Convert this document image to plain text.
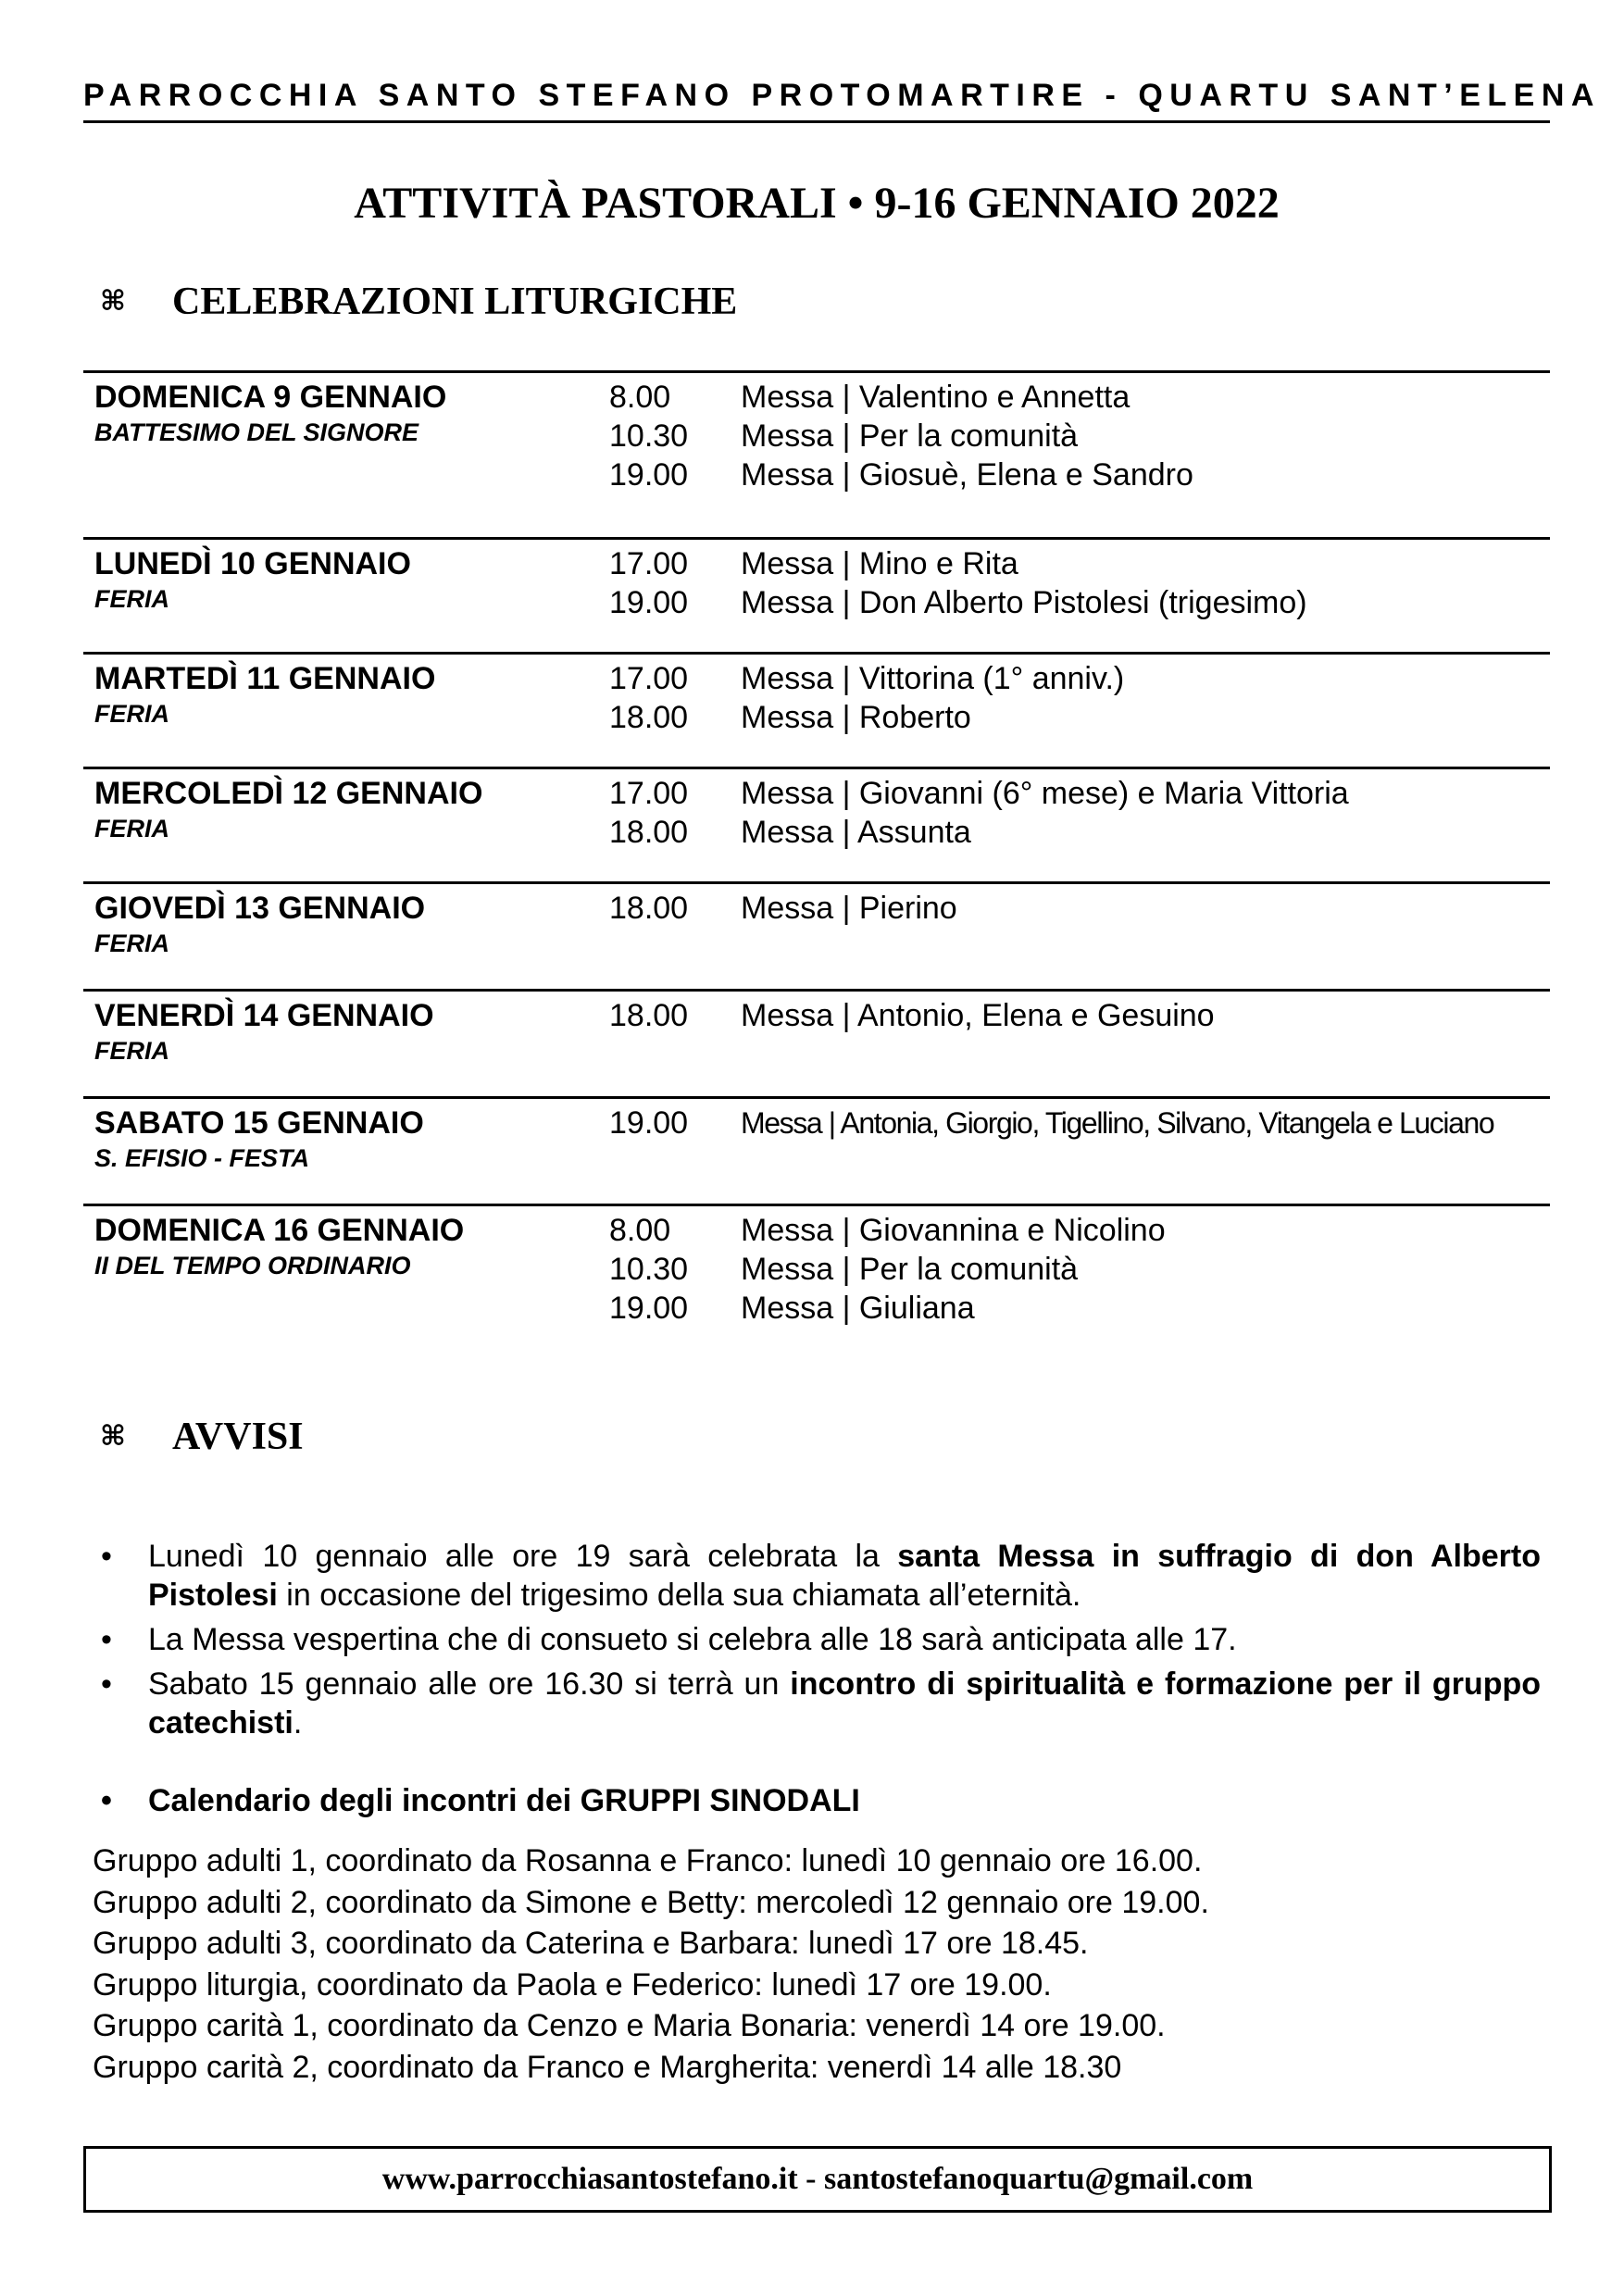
PARROCCHIA SANTO STEFANO PROTOMARTIRE - QUARTU SANT’ELENA
ATTIVITÀ PASTORALI • 9-16 GENNAIO 2022
⌘ CELEBRAZIONI LITURGICHE
DOMENICA 9 GENNAIO
BATTESIMO DEL SIGNORE
8.00	Messa | Valentino e Annetta
10.30	Messa | Per la comunità
19.00	Messa | Giosuè, Elena e Sandro
LUNEDÌ 10 GENNAIO
FERIA
17.00	Messa | Mino e Rita
19.00	Messa | Don Alberto Pistolesi (trigesimo)
MARTEDÌ 11 GENNAIO
FERIA
17.00	Messa | Vittorina (1° anniv.)
18.00	Messa | Roberto
MERCOLEDÌ 12 GENNAIO
FERIA
17.00	Messa | Giovanni (6° mese) e Maria Vittoria
18.00	Messa | Assunta
GIOVEDÌ 13 GENNAIO
FERIA
18.00	Messa | Pierino
VENERDÌ 14 GENNAIO
FERIA
18.00	Messa | Antonio, Elena e Gesuino
SABATO 15 GENNAIO
S. EFISIO - FESTA
19.00	Messa | Antonia, Giorgio, Tigellino, Silvano, Vitangela e Luciano
DOMENICA 16 GENNAIO
II DEL TEMPO ORDINARIO
8.00	Messa | Giovannina e Nicolino
10.30	Messa | Per la comunità
19.00	Messa | Giuliana
⌘ AVVISI
• Lunedì 10 gennaio alle ore 19 sarà celebrata la santa Messa in suffragio di don Alberto Pistolesi in occasione del trigesimo della sua chiamata all’eternità.
• La Messa vespertina che di consueto si celebra alle 18 sarà anticipata alle 17.
• Sabato 15 gennaio alle ore 16.30 si terrà un incontro di spiritualità e formazione per il gruppo catechisti.
• Calendario degli incontri dei GRUPPI SINODALI
Gruppo adulti 1, coordinato da Rosanna e Franco: lunedì 10 gennaio ore 16.00.
Gruppo adulti 2, coordinato da Simone e Betty: mercoledì 12 gennaio ore 19.00.
Gruppo adulti 3, coordinato da Caterina e Barbara: lunedì 17 ore 18.45.
Gruppo liturgia, coordinato da Paola e Federico: lunedì 17 ore 19.00.
Gruppo carità 1, coordinato da Cenzo e Maria Bonaria: venerdì 14 ore 19.00.
Gruppo carità 2, coordinato da Franco e Margherita: venerdì 14 alle 18.30
www.parrocchiasantostefano.it - santostefanoquartu@gmail.com
